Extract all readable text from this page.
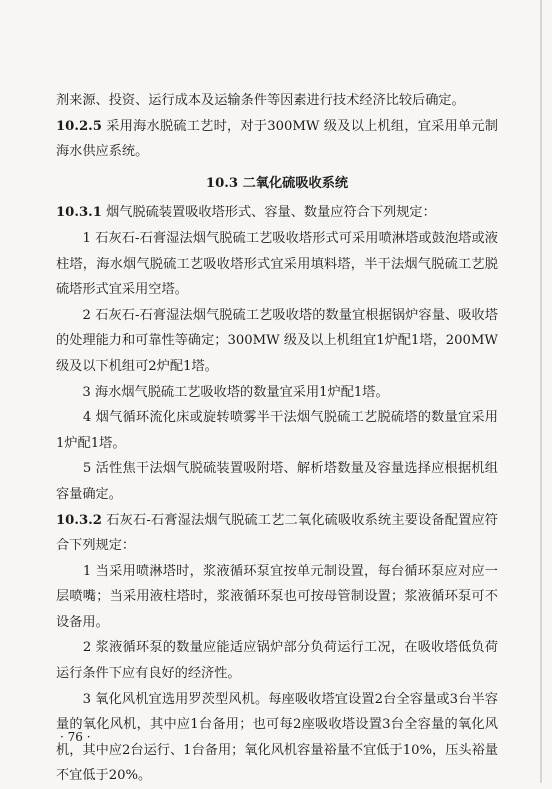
剂来源、投资、运行成本及运输条件等因素进行技术经济比较后确定。

10.2.5 采用海水脱硫工艺时，对于300MW 级及以上机组，宜采用单元制海水供应系统。

10.3 二氧化硫吸收系统

10.3.1 烟气脱硫装置吸收塔形式、容量、数量应符合下列规定：

　　1 石灰石-石膏湿法烟气脱硫工艺吸收塔形式可采用喷淋塔或鼓泡塔或液柱塔，海水烟气脱硫工艺吸收塔形式宜采用填料塔，半干法烟气脱硫工艺脱硫塔形式宜采用空塔。

　　2 石灰石-石膏湿法烟气脱硫工艺吸收塔的数量宜根据锅炉容量、吸收塔的处理能力和可靠性等确定；300MW 级及以上机组宜1炉配1塔，200MW 级及以下机组可2炉配1塔。

　　3 海水烟气脱硫工艺吸收塔的数量宜采用1炉配1塔。

　　4 烟气循环流化床或旋转喷雾半干法烟气脱硫工艺脱硫塔的数量宜采用1炉配1塔。

　　5 活性焦干法烟气脱硫装置吸附塔、解析塔数量及容量选择应根据机组容量确定。

10.3.2 石灰石-石膏湿法烟气脱硫工艺二氧化硫吸收系统主要设备配置应符合下列规定：

　　1 当采用喷淋塔时，浆液循环泵宜按单元制设置，每台循环泵应对应一层喷嘴；当采用液柱塔时，浆液循环泵也可按母管制设置；浆液循环泵可不设备用。

　　2 浆液循环泵的数量应能适应锅炉部分负荷运行工况，在吸收塔低负荷运行条件下应有良好的经济性。

　　3 氧化风机宜选用罗茨型风机。每座吸收塔宜设置2台全容量或3台半容量的氧化风机，其中应1台备用；也可每2座吸收塔设置3台全容量的氧化风机，其中应2台运行、1台备用；氧化风机容量裕量不宜低于10%，压头裕量不宜低于20%。

· 76 ·
